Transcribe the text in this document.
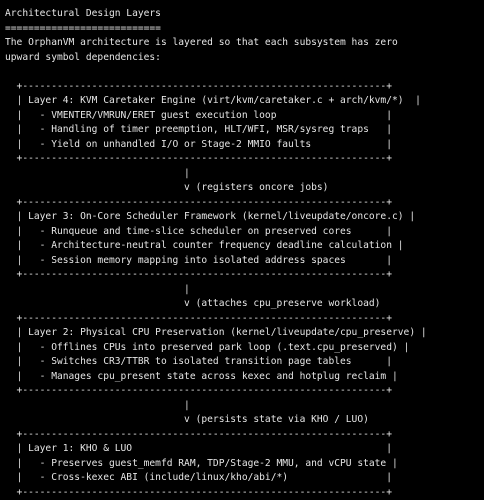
Architectural Design Layers
===========================
The OrphanVM architecture is layered so that each subsystem has zero
upward symbol dependencies:
+---------------------------------------------------------------+
| Layer 4: KVM Caretaker Engine (virt/kvm/caretaker.c + arch/kvm/*)  |
|   - VMENTER/VMRUN/ERET guest execution loop                   |
|   - Handling of timer preemption, HLT/WFI, MSR/sysreg traps   |
|   - Yield on unhandled I/O or Stage-2 MMIO faults             |
+---------------------------------------------------------------+
|
v (registers oncore jobs)
+---------------------------------------------------------------+
| Layer 3: On-Core Scheduler Framework (kernel/liveupdate/oncore.c) |
|   - Runqueue and time-slice scheduler on preserved cores      |
|   - Architecture-neutral counter frequency deadline calculation |
|   - Session memory mapping into isolated address spaces       |
+---------------------------------------------------------------+
|
v (attaches cpu_preserve workload)
+---------------------------------------------------------------+
| Layer 2: Physical CPU Preservation (kernel/liveupdate/cpu_preserve) |
|   - Offlines CPUs into preserved park loop (.text.cpu_preserved) |
|   - Switches CR3/TTBR to isolated transition page tables      |
|   - Manages cpu_present state across kexec and hotplug reclaim |
+---------------------------------------------------------------+
|
v (persists state via KHO / LUO)
+---------------------------------------------------------------+
| Layer 1: KHO & LUO                                            |
|   - Preserves guest_memfd RAM, TDP/Stage-2 MMU, and vCPU state |
|   - Cross-kexec ABI (include/linux/kho/abi/*)                 |
+---------------------------------------------------------------+
